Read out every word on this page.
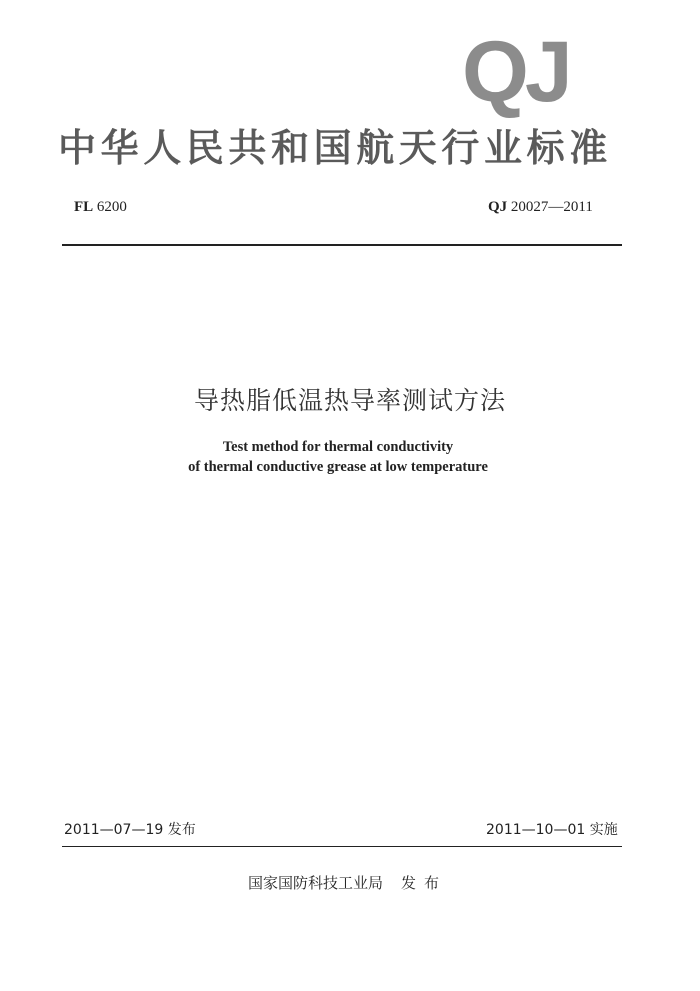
QJ
中华人民共和国航天行业标准
FL 6200	QJ 20027—2011
导热脂低温热导率测试方法
Test method for thermal conductivity
of thermal conductive grease at low temperature
2011—07—19 发布	2011—10—01 实施
国家国防科技工业局 发布
